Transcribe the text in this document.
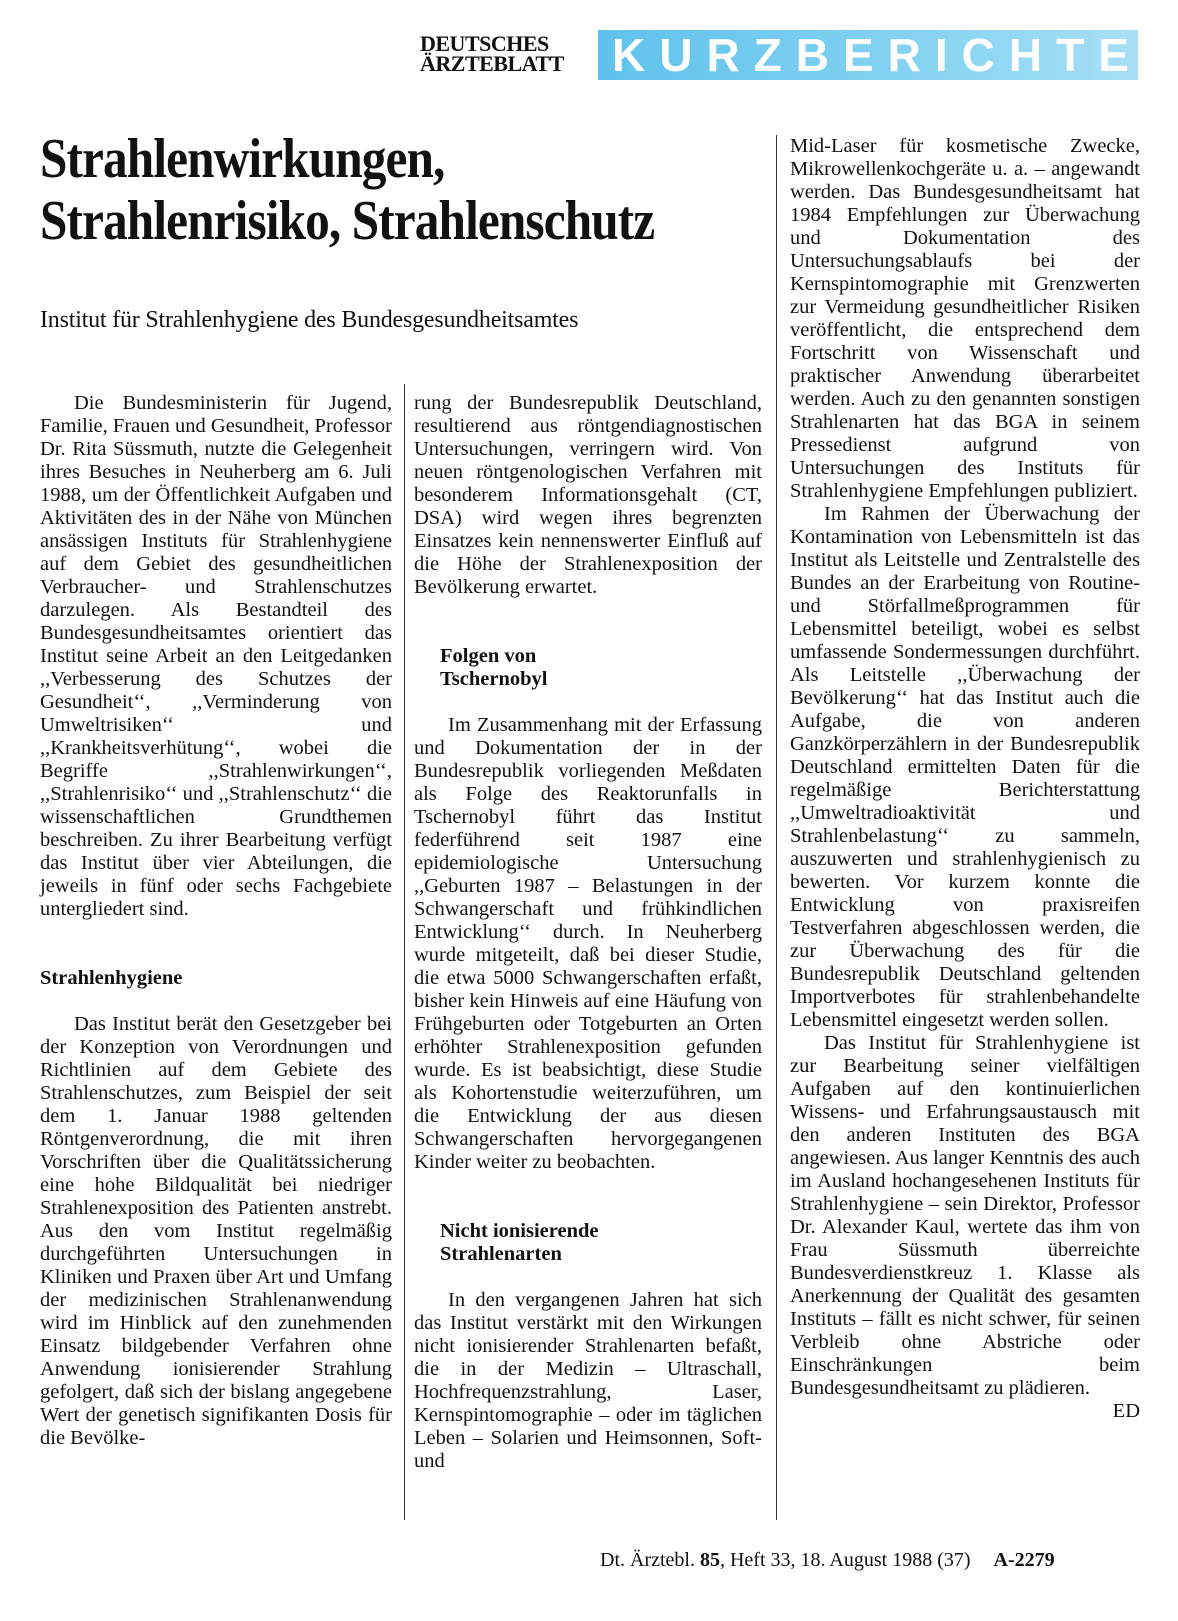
DEUTSCHES
ÄRZTEBLATT	KURZBERICHTE
Strahlenwirkungen,
Strahlenrisiko, Strahlenschutz
Institut für Strahlenhygiene des Bundesgesundheitsamtes

Die Bundesministerin für Jugend, Familie, Frauen und Gesundheit, Professor Dr. Rita Süssmuth, nutzte die Gelegenheit ihres Besuches in Neuherberg am 6. Juli 1988, um der Öffentlichkeit Aufgaben und Aktivitäten des in der Nähe von München ansässigen Instituts für Strahlenhygiene auf dem Gebiet des gesundheitlichen Verbraucher- und Strahlenschutzes darzulegen. Als Bestandteil des Bundesgesundheitsamtes orientiert das Institut seine Arbeit an den Leitgedanken ,,Verbesserung des Schutzes der Gesundheit‘‘, ,,Verminderung von Umweltrisiken‘‘ und ,,Krankheitsverhütung‘‘, wobei die Begriffe ,,Strahlenwirkungen‘‘, ,,Strahlenrisiko‘‘ und ,,Strahlenschutz‘‘ die wissenschaftlichen Grundthemen beschreiben. Zu ihrer Bearbeitung verfügt das Institut über vier Abteilungen, die jeweils in fünf oder sechs Fachgebiete untergliedert sind.

Strahlenhygiene

Das Institut berät den Gesetzgeber bei der Konzeption von Verordnungen und Richtlinien auf dem Gebiete des Strahlenschutzes, zum Beispiel der seit dem 1. Januar 1988 geltenden Röntgenverordnung, die mit ihren Vorschriften über die Qualitätssicherung eine hohe Bildqualität bei niedriger Strahlenexposition des Patienten anstrebt. Aus den vom Institut regelmäßig durchgeführten Untersuchungen in Kliniken und Praxen über Art und Umfang der medizinischen Strahlenanwendung wird im Hinblick auf den zunehmenden Einsatz bildgebender Verfahren ohne Anwendung ionisierender Strahlung gefolgert, daß sich der bislang angegebene Wert der genetisch signifikanten Dosis für die Bevölke-

rung der Bundesrepublik Deutschland, resultierend aus röntgendiagnostischen Untersuchungen, verringern wird. Von neuen röntgenologischen Verfahren mit besonderem Informationsgehalt (CT, DSA) wird wegen ihres begrenzten Einsatzes kein nennenswerter Einfluß auf die Höhe der Strahlenexposition der Bevölkerung erwartet.

Folgen von
Tschernobyl

Im Zusammenhang mit der Erfassung und Dokumentation der in der Bundesrepublik vorliegenden Meßdaten als Folge des Reaktorunfalls in Tschernobyl führt das Institut federführend seit 1987 eine epidemiologische Untersuchung ,,Geburten 1987 – Belastungen in der Schwangerschaft und frühkindlichen Entwicklung‘‘ durch. In Neuherberg wurde mitgeteilt, daß bei dieser Studie, die etwa 5000 Schwangerschaften erfaßt, bisher kein Hinweis auf eine Häufung von Frühgeburten oder Totgeburten an Orten erhöhter Strahlenexposition gefunden wurde. Es ist beabsichtigt, diese Studie als Kohortenstudie weiterzuführen, um die Entwicklung der aus diesen Schwangerschaften hervorgegangenen Kinder weiter zu beobachten.

Nicht ionisierende
Strahlenarten

In den vergangenen Jahren hat sich das Institut verstärkt mit den Wirkungen nicht ionisierender Strahlenarten befaßt, die in der Medizin – Ultraschall, Hochfrequenzstrahlung, Laser, Kernspintomographie – oder im täglichen Leben – Solarien und Heimsonnen, Soft- und

Mid-Laser für kosmetische Zwecke, Mikrowellenkochgeräte u. a. – angewandt werden. Das Bundesgesundheitsamt hat 1984 Empfehlungen zur Überwachung und Dokumentation des Untersuchungsablaufs bei der Kernspintomographie mit Grenzwerten zur Vermeidung gesundheitlicher Risiken veröffentlicht, die entsprechend dem Fortschritt von Wissenschaft und praktischer Anwendung überarbeitet werden. Auch zu den genannten sonstigen Strahlenarten hat das BGA in seinem Pressedienst aufgrund von Untersuchungen des Instituts für Strahlenhygiene Empfehlungen publiziert.

Im Rahmen der Überwachung der Kontamination von Lebensmitteln ist das Institut als Leitstelle und Zentralstelle des Bundes an der Erarbeitung von Routine- und Störfallmeßprogrammen für Lebensmittel beteiligt, wobei es selbst umfassende Sondermessungen durchführt. Als Leitstelle ,,Überwachung der Bevölkerung‘‘ hat das Institut auch die Aufgabe, die von anderen Ganzkörperzählern in der Bundesrepublik Deutschland ermittelten Daten für die regelmäßige Berichterstattung ,,Umweltradioaktivität und Strahlenbelastung‘‘ zu sammeln, auszuwerten und strahlenhygienisch zu bewerten. Vor kurzem konnte die Entwicklung von praxisreifen Testverfahren abgeschlossen werden, die zur Überwachung des für die Bundesrepublik Deutschland geltenden Importverbotes für strahlenbehandelte Lebensmittel eingesetzt werden sollen.

Das Institut für Strahlenhygiene ist zur Bearbeitung seiner vielfältigen Aufgaben auf den kontinuierlichen Wissens- und Erfahrungsaustausch mit den anderen Instituten des BGA angewiesen. Aus langer Kenntnis des auch im Ausland hochangesehenen Instituts für Strahlenhygiene – sein Direktor, Professor Dr. Alexander Kaul, wertete das ihm von Frau Süssmuth überreichte Bundesverdienstkreuz 1. Klasse als Anerkennung der Qualität des gesamten Instituts – fällt es nicht schwer, für seinen Verbleib ohne Abstriche oder Einschränkungen beim Bundesgesundheitsamt zu plädieren.

ED

Dt. Ärztebl. 85, Heft 33, 18. August 1988 (37) A-2279
